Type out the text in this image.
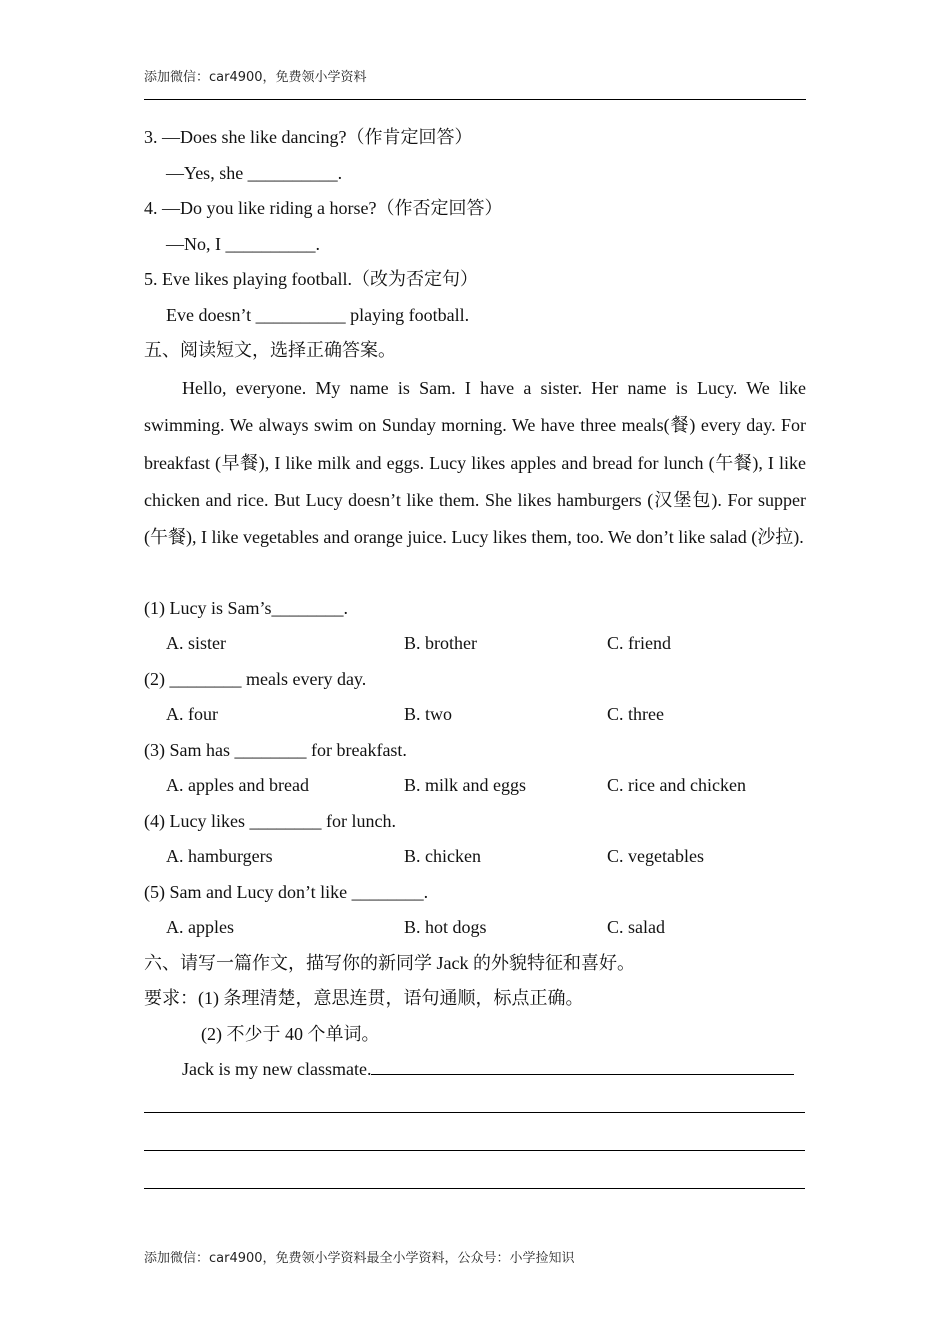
添加微信：car4900，免费领小学资料
3. —Does she like dancing?（作肯定回答）
—Yes, she __________.
4. —Do you like riding a horse?（作否定回答）
—No, I __________.
5. Eve likes playing football.（改为否定句）
Eve doesn’t __________ playing football.
五、阅读短文，选择正确答案。
Hello, everyone. My name is Sam. I have a sister. Her name is Lucy. We like swimming. We always swim on Sunday morning. We have three meals(餐) every day. For breakfast (早餐), I like milk and eggs. Lucy likes apples and bread for lunch (午餐), I like chicken and rice. But Lucy doesn’t like them. She likes hamburgers (汉堡包). For supper (午餐), I like vegetables and orange juice. Lucy likes them, too. We don’t like salad (沙拉).
(1) Lucy is Sam’s________.
A. sister	B. brother	C. friend
(2) ________ meals every day.
A. four	B. two	C. three
(3) Sam has ________ for breakfast.
A. apples and bread	B. milk and eggs	C. rice and chicken
(4) Lucy likes ________ for lunch.
A. hamburgers	B. chicken	C. vegetables
(5) Sam and Lucy don’t like ________.
A. apples	B. hot dogs	C. salad
六、请写一篇作文，描写你的新同学 Jack 的外貌特征和喜好。
要求：(1) 条理清楚，意思连贯，语句通顺，标点正确。
(2) 不少于 40 个单词。
Jack is my new classmate.
添加微信：car4900，免费领小学资料最全小学资料，公众号：小学捡知识
